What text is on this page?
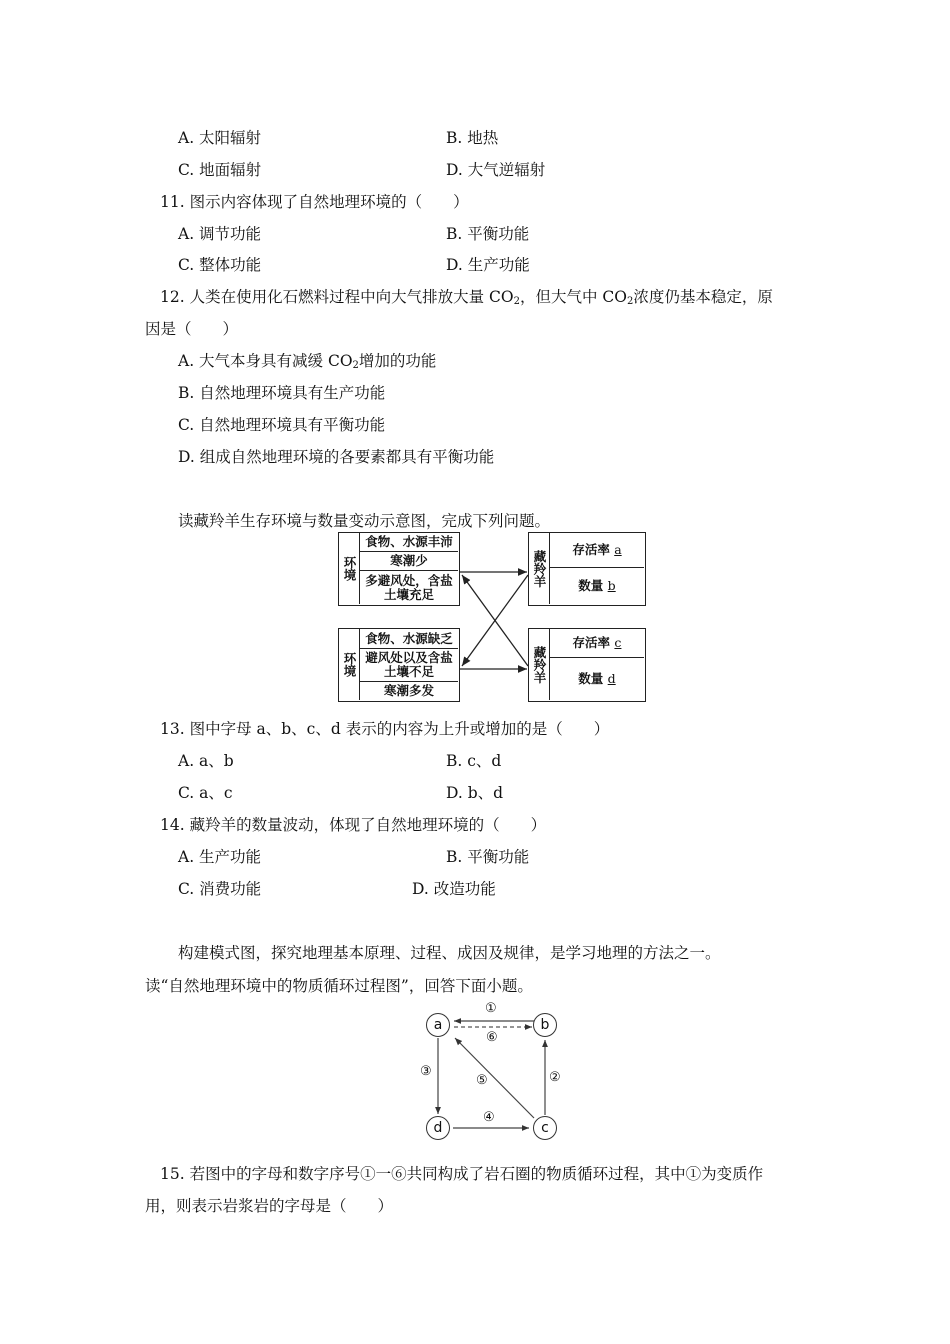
A. 太阳辐射	B. 地热
C. 地面辐射	D. 大气逆辐射
11. 图示内容体现了自然地理环境的（　　）
A. 调节功能	B. 平衡功能
C. 整体功能	D. 生产功能
12. 人类在使用化石燃料过程中向大气排放大量 $CO_2$，但大气中 $CO_2$浓度仍基本稳定，原
因是（　　）
A. 大气本身具有减缓 $CO_2$增加的功能
B. 自然地理环境具有生产功能
C. 自然地理环境具有平衡功能
D. 组成自然地理环境的各要素都具有平衡功能
读藏羚羊生存环境与数量变动示意图，完成下列问题。
环境
食物、水源丰沛
寒潮少
多避风处，含盐土壤充足
环境
食物、水源缺乏
避风处以及含盐土壤不足
寒潮多发
藏羚羊
存活率
a
数量
b
藏羚羊
存活率
c
数量
d
13. 图中字母 a、b、c、d 表示的内容为上升或增加的是（　　）
A. a、b	B. c、d
C. a、c	D. b、d
14. 藏羚羊的数量波动，体现了自然地理环境的（　　）
A. 生产功能	B. 平衡功能
C. 消费功能	D. 改造功能
构建模式图，探究地理基本原理、过程、成因及规律，是学习地理的方法之一。
读“自然地理环境中的物质循环过程图”，回答下面小题。
a	b
c
d
①
②
③
④
⑤
⑥
15. 若图中的字母和数字序号①一⑥共同构成了岩石圈的物质循环过程，其中①为变质作
用，则表示岩浆岩的字母是（　　）
